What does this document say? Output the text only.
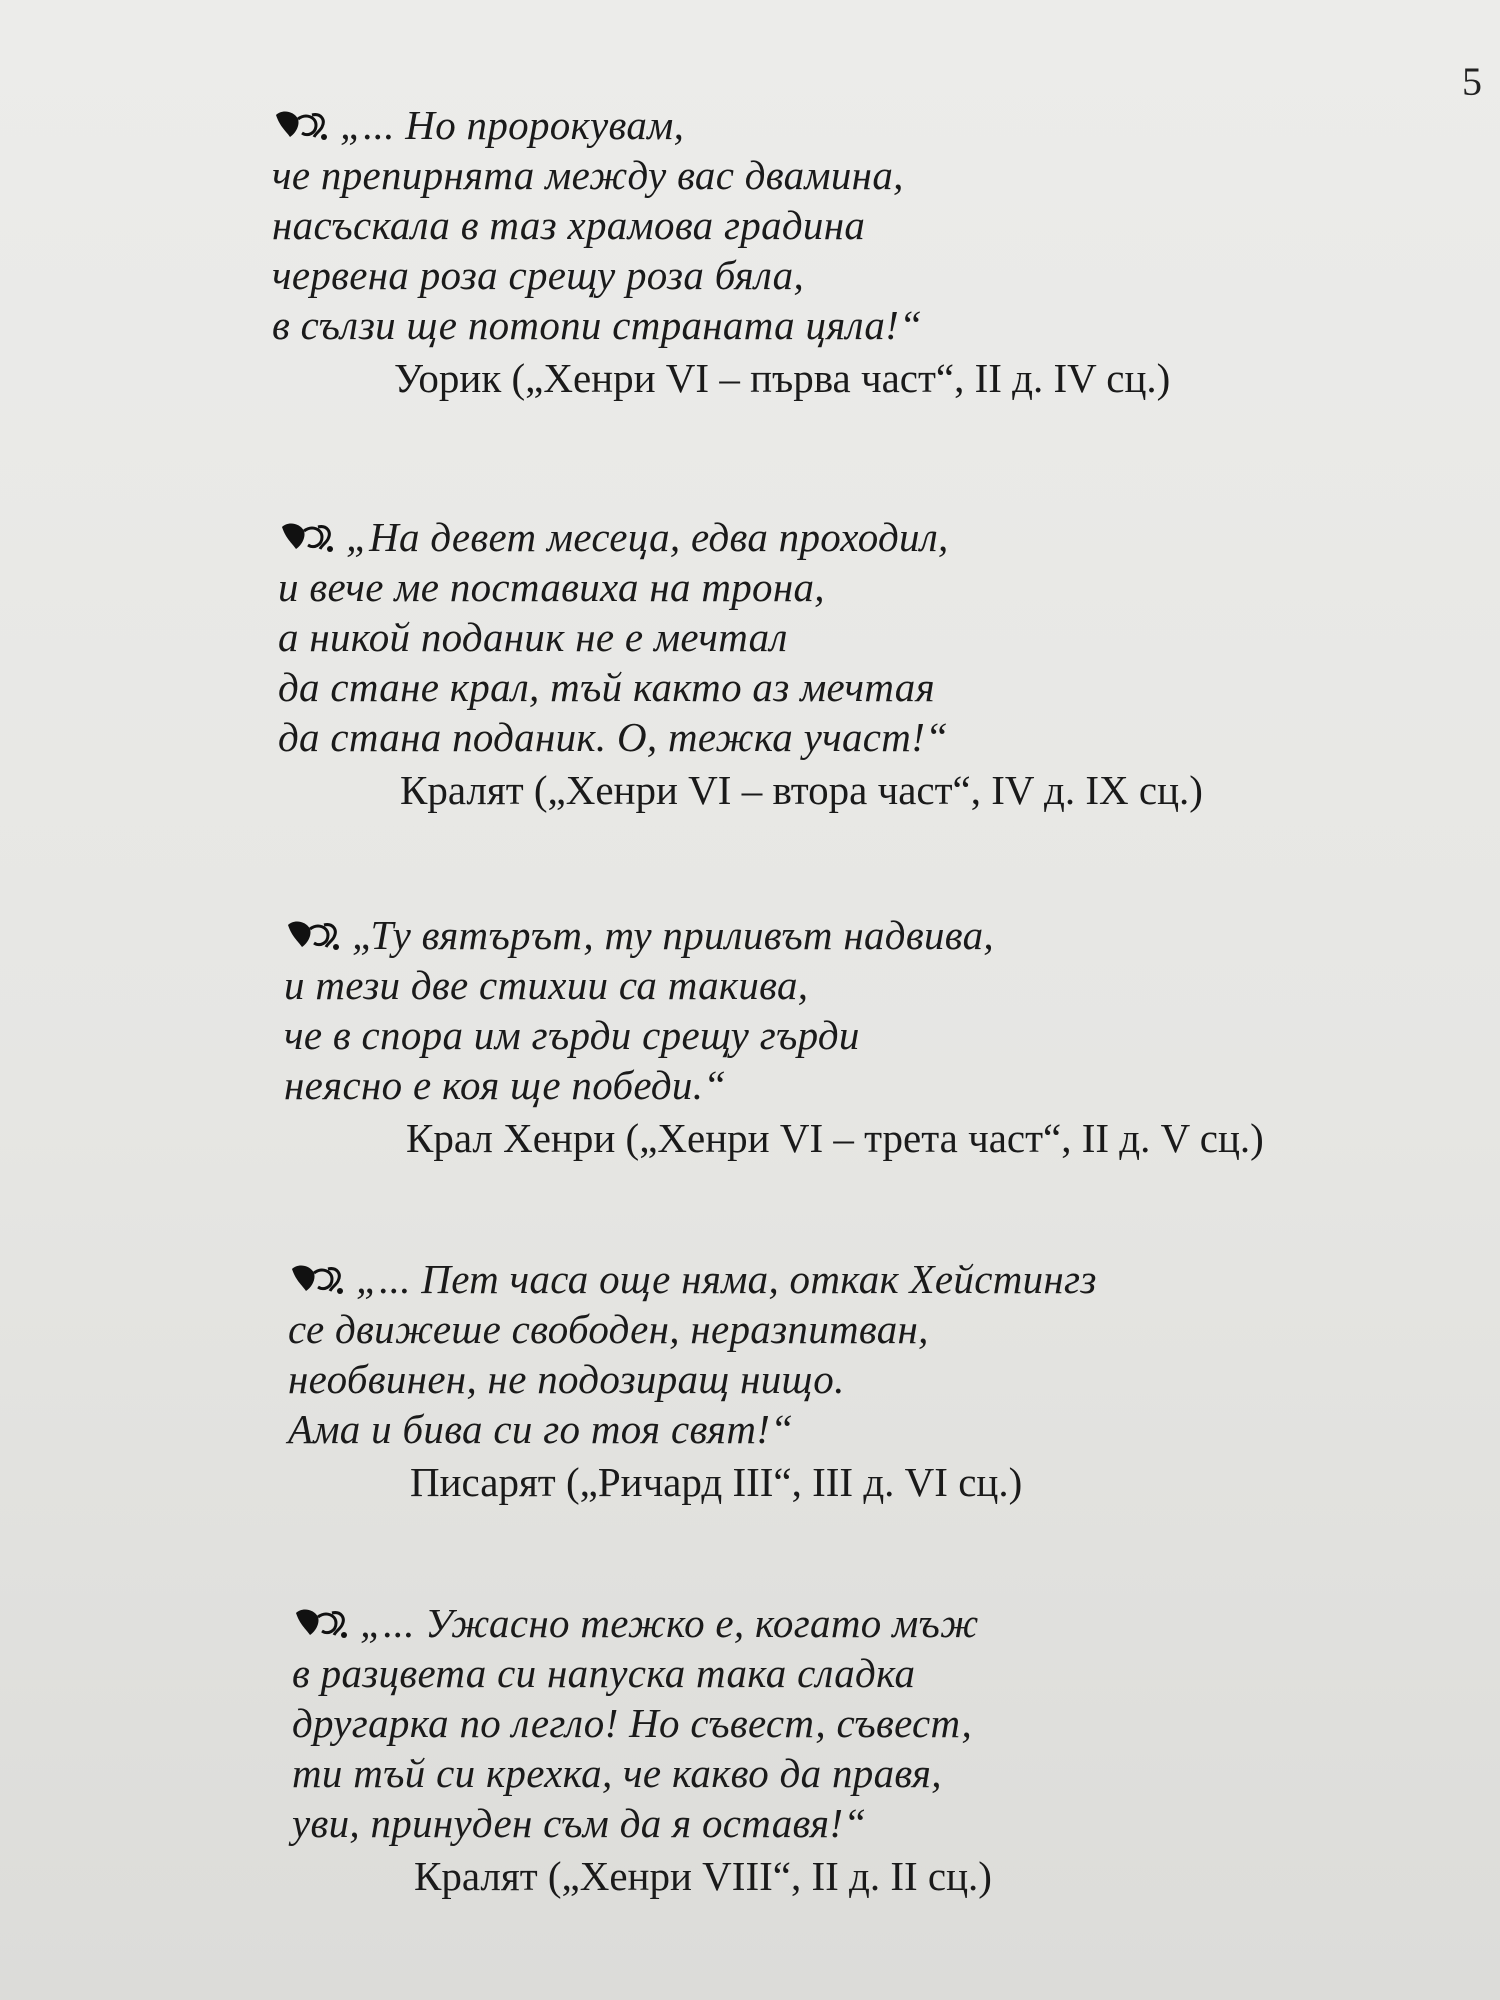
5
„... Но пророкувам,
че препирнята между вас двамина,
насъскала в таз храмова градина
червена роза срещу роза бяла,
в сълзи ще потопи страната цяла!“
Уорик („Хенри VI – първа част“, II д. IV сц.)
„На девет месеца, едва проходил,
и вече ме поставиха на трона,
а никой поданик не е мечтал
да стане крал, тъй както аз мечтая
да стана поданик. О, тежка участ!“
Кралят („Хенри VI – втора част“, IV д. IX сц.)
„Ту вятърът, ту приливът надвива,
и тези две стихии са такива,
че в спора им гърди срещу гърди
неясно е коя ще победи.“
Крал Хенри („Хенри VI – трета част“, II д. V сц.)
„... Пет часа още няма, откак Хейстингз
се движеше свободен, неразпитван,
необвинен, не подозиращ нищо.
Ама и бива си го тоя свят!“
Писарят („Ричард III“, III д. VI сц.)
„... Ужасно тежко е, когато мъж
в разцвета си напуска така сладка
другарка по легло! Но съвест, съвест,
ти тъй си крехка, че какво да правя,
уви, принуден съм да я оставя!“
Кралят („Хенри VIII“, II д. II сц.)
